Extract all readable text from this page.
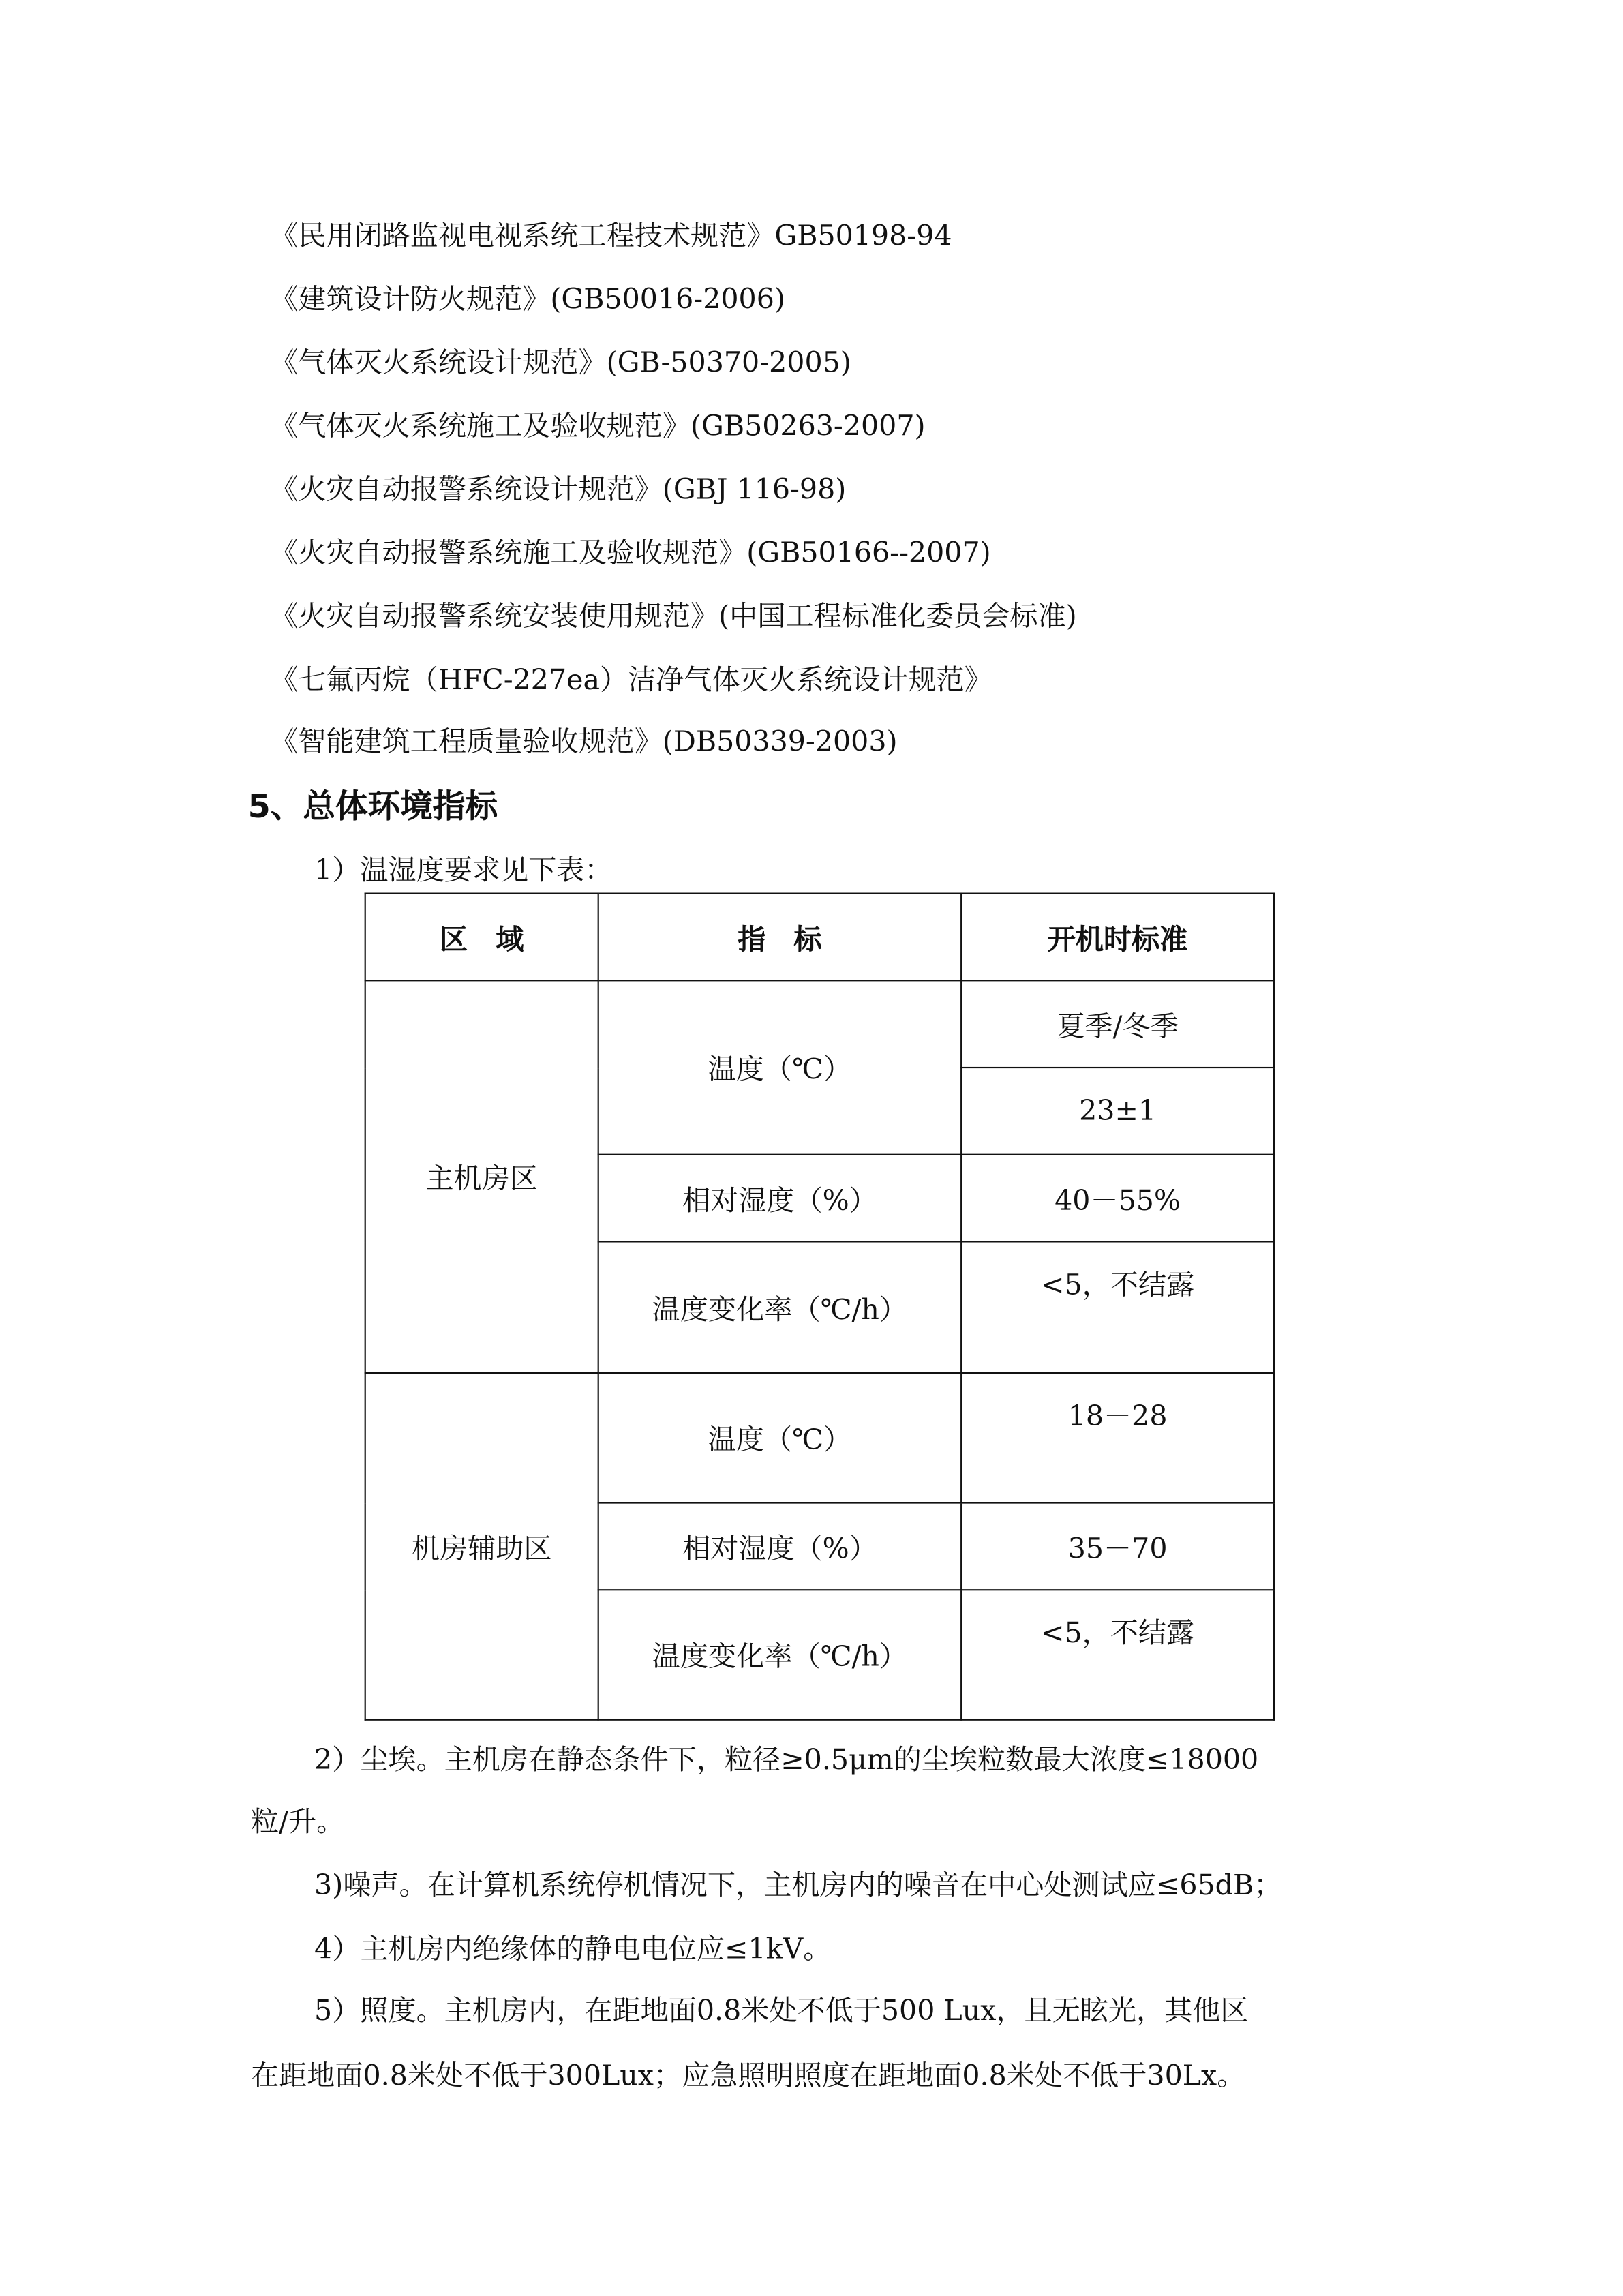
《民用闭路监视电视系统工程技术规范》GB50198-94
《建筑设计防火规范》(GB50016-2006)
《气体灭火系统设计规范》(GB-50370-2005)
《气体灭火系统施工及验收规范》(GB50263-2007)
《火灾自动报警系统设计规范》(GBJ 116-98)
《火灾自动报警系统施工及验收规范》(GB50166--2007)
《火灾自动报警系统安装使用规范》(中国工程标准化委员会标准)
《七氟丙烷（HFC-227ea）洁净气体灭火系统设计规范》
《智能建筑工程质量验收规范》(DB50339-2003)
5、总体环境指标
1）温湿度要求见下表：
区　域	指　标	开机时标准
主机房区	温度（℃）	夏季/冬季
		23±1
	相对湿度（%）	40－55%
	温度变化率（℃/h）	<5，不结露
机房辅助区	温度（℃）	18－28
	相对湿度（%）	35－70
	温度变化率（℃/h）	<5，不结露
2）尘埃。主机房在静态条件下，粒径≥0.5μm的尘埃粒数最大浓度≤18000
粒/升。
3)噪声。在计算机系统停机情况下，主机房内的噪音在中心处测试应≤65dB；
4）主机房内绝缘体的静电电位应≤1kV。
5）照度。主机房内，在距地面0.8米处不低于500 Lux，且无眩光，其他区
在距地面0.8米处不低于300Lux；应急照明照度在距地面0.8米处不低于30Lx。
